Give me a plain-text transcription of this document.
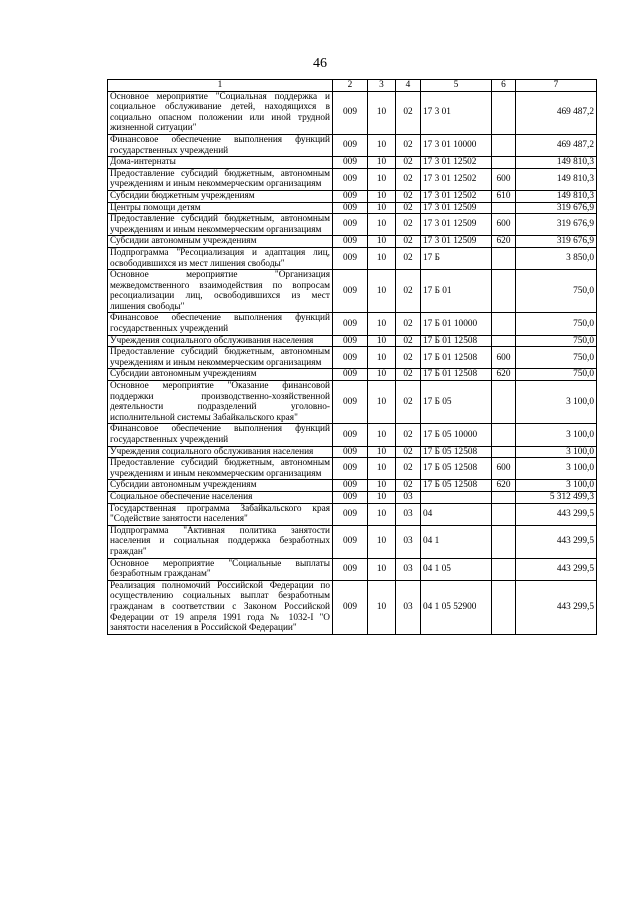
46
1	2	3	4	5	6	7
Основное мероприятие "Социальная поддержка и социальное обслуживание детей, находящихся в социально опасном положении или иной трудной жизненной ситуации"	009	10	02	17 3 01		469 487,2
Финансовое обеспечение выполнения функций государственных учреждений	009	10	02	17 3 01 10000		469 487,2
Дома-интернаты	009	10	02	17 3 01 12502		149 810,3
Предоставление субсидий бюджетным, автономным учреждениям и иным некоммерческим организациям	009	10	02	17 3 01 12502	600	149 810,3
Субсидии бюджетным учреждениям	009	10	02	17 3 01 12502	610	149 810,3
Центры помощи детям	009	10	02	17 3 01 12509		319 676,9
Предоставление субсидий бюджетным, автономным учреждениям и иным некоммерческим организациям	009	10	02	17 3 01 12509	600	319 676,9
Субсидии автономным учреждениям	009	10	02	17 3 01 12509	620	319 676,9
Подпрограмма "Ресоциализация и адаптация лиц, освободившихся из мест лишения свободы"	009	10	02	17 Б		3 850,0
Основное мероприятие "Организация межведомственного взаимодействия по вопросам ресоциализации лиц, освободившихся из мест лишения свободы"	009	10	02	17 Б 01		750,0
Финансовое обеспечение выполнения функций государственных учреждений	009	10	02	17 Б 01 10000		750,0
Учреждения социального обслуживания населения	009	10	02	17 Б 01 12508		750,0
Предоставление субсидий бюджетным, автономным учреждениям и иным некоммерческим организациям	009	10	02	17 Б 01 12508	600	750,0
Субсидии автономным учреждениям	009	10	02	17 Б 01 12508	620	750,0
Основное мероприятие "Оказание финансовой поддержки производственно-хозяйственной деятельности подразделений уголовно-исполнительной системы Забайкальского края"	009	10	02	17 Б 05		3 100,0
Финансовое обеспечение выполнения функций государственных учреждений	009	10	02	17 Б 05 10000		3 100,0
Учреждения социального обслуживания населения	009	10	02	17 Б 05 12508		3 100,0
Предоставление субсидий бюджетным, автономным учреждениям и иным некоммерческим организациям	009	10	02	17 Б 05 12508	600	3 100,0
Субсидии автономным учреждениям	009	10	02	17 Б 05 12508	620	3 100,0
Социальное обеспечение населения	009	10	03			5 312 499,3
Государственная программа Забайкальского края "Содействие занятости населения"	009	10	03	04		443 299,5
Подпрограмма "Активная политика занятости населения и социальная поддержка безработных граждан"	009	10	03	04 1		443 299,5
Основное мероприятие "Социальные выплаты безработным гражданам"	009	10	03	04 1 05		443 299,5
Реализация полномочий Российской Федерации по осуществлению социальных выплат безработным гражданам в соответствии с Законом Российской Федерации от 19 апреля 1991 года № 1032-I "О занятости населения в Российской Федерации"	009	10	03	04 1 05 52900		443 299,5
